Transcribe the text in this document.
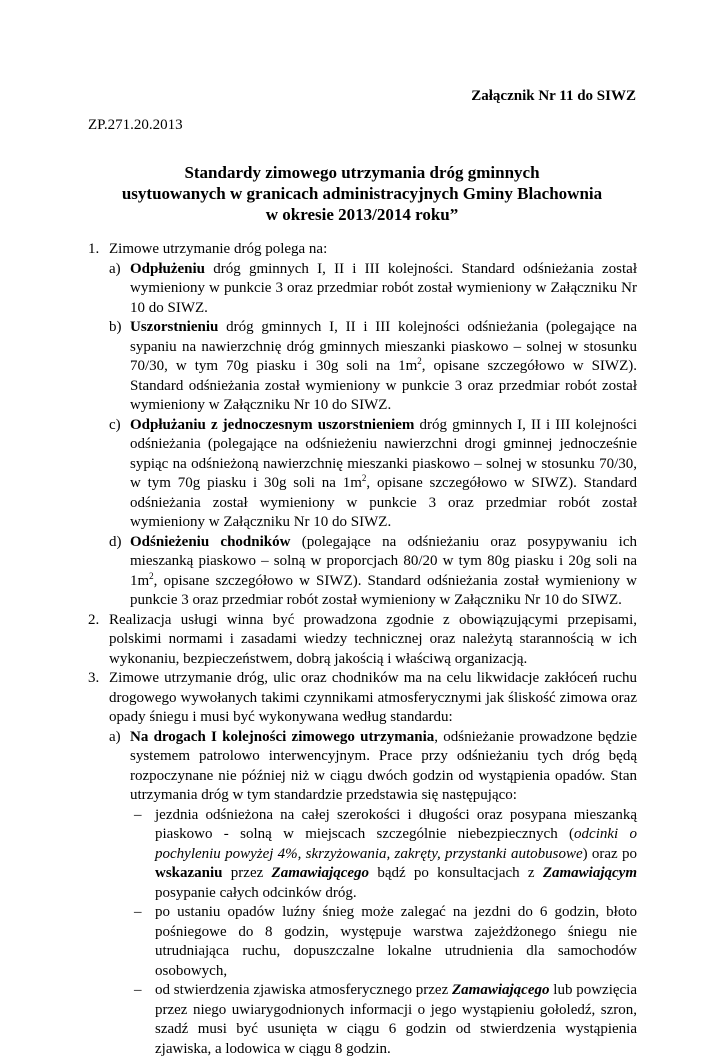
Załącznik Nr 11 do SIWZ
ZP.271.20.2013
Standardy zimowego utrzymania dróg gminnych
usytuowanych w granicach administracyjnych Gminy Blachownia
w okresie 2013/2014 roku”
1. Zimowe utrzymanie dróg polega na:
a) Odpłużeniu dróg gminnych I, II i III kolejności. Standard odśnieżania został wymieniony w punkcie 3 oraz przedmiar robót został wymieniony w Załączniku Nr 10 do SIWZ.
b) Uszorstnieniu dróg gminnych I, II i III kolejności odśnieżania (polegające na sypaniu na nawierzchnię dróg gminnych mieszanki piaskowo – solnej w stosunku 70/30, w tym 70g piasku i 30g soli na $1m^2$, opisane szczegółowo w SIWZ). Standard odśnieżania został wymieniony w punkcie 3 oraz przedmiar robót został wymieniony w Załączniku Nr 10 do SIWZ.
c) Odpłużaniu z jednoczesnym uszorstnieniem dróg gminnych I, II i III kolejności odśnieżania (polegające na odśnieżeniu nawierzchni drogi gminnej jednocześnie sypiąc na odśnieżoną nawierzchnię mieszanki piaskowo – solnej w stosunku 70/30, w tym 70g piasku i 30g soli na $1m^2$, opisane szczegółowo w SIWZ). Standard odśnieżania został wymieniony w punkcie 3 oraz przedmiar robót został wymieniony w Załączniku Nr 10 do SIWZ.
d) Odśnieżeniu chodników (polegające na odśnieżaniu oraz posypywaniu ich mieszanką piaskowo – solną w proporcjach 80/20 w tym 80g piasku i 20g soli na $1m^2$, opisane szczegółowo w SIWZ). Standard odśnieżania został wymieniony w punkcie 3 oraz przedmiar robót został wymieniony w Załączniku Nr 10 do SIWZ.
2. Realizacja usługi winna być prowadzona zgodnie z obowiązującymi przepisami, polskimi normami i zasadami wiedzy technicznej oraz należytą starannością w ich wykonaniu, bezpieczeństwem, dobrą jakością i właściwą organizacją.
3. Zimowe utrzymanie dróg, ulic oraz chodników ma na celu likwidacje zakłóceń ruchu drogowego wywołanych takimi czynnikami atmosferycznymi jak śliskość zimowa oraz opady śniegu i musi być wykonywana według standardu:
a) Na drogach I kolejności zimowego utrzymania, odśnieżanie prowadzone będzie systemem patrolowo interwencyjnym. Prace przy odśnieżaniu tych dróg będą rozpoczynane nie później niż w ciągu dwóch godzin od wystąpienia opadów. Stan utrzymania dróg w tym standardzie przedstawia się następująco:
– jezdnia odśnieżona na całej szerokości i długości oraz posypana mieszanką piaskowo - solną w miejscach szczególnie niebezpiecznych (odcinki o pochyleniu powyżej 4%, skrzyżowania, zakręty, przystanki autobusowe) oraz po wskazaniu przez Zamawiającego bądź po konsultacjach z Zamawiającym posypanie całych odcinków dróg.
– po ustaniu opadów luźny śnieg może zalegać na jezdni do 6 godzin, błoto pośniegowe do 8 godzin, występuje warstwa zajeżdżonego śniegu nie utrudniająca ruchu, dopuszczalne lokalne utrudnienia dla samochodów osobowych,
– od stwierdzenia zjawiska atmosferycznego przez Zamawiającego lub powzięcia przez niego uwiarygodnionych informacji o jego wystąpieniu gołoledź, szron, szadź musi być usunięta w ciągu 6 godzin od stwierdzenia wystąpienia zjawiska, a lodowica w ciągu 8 godzin.
